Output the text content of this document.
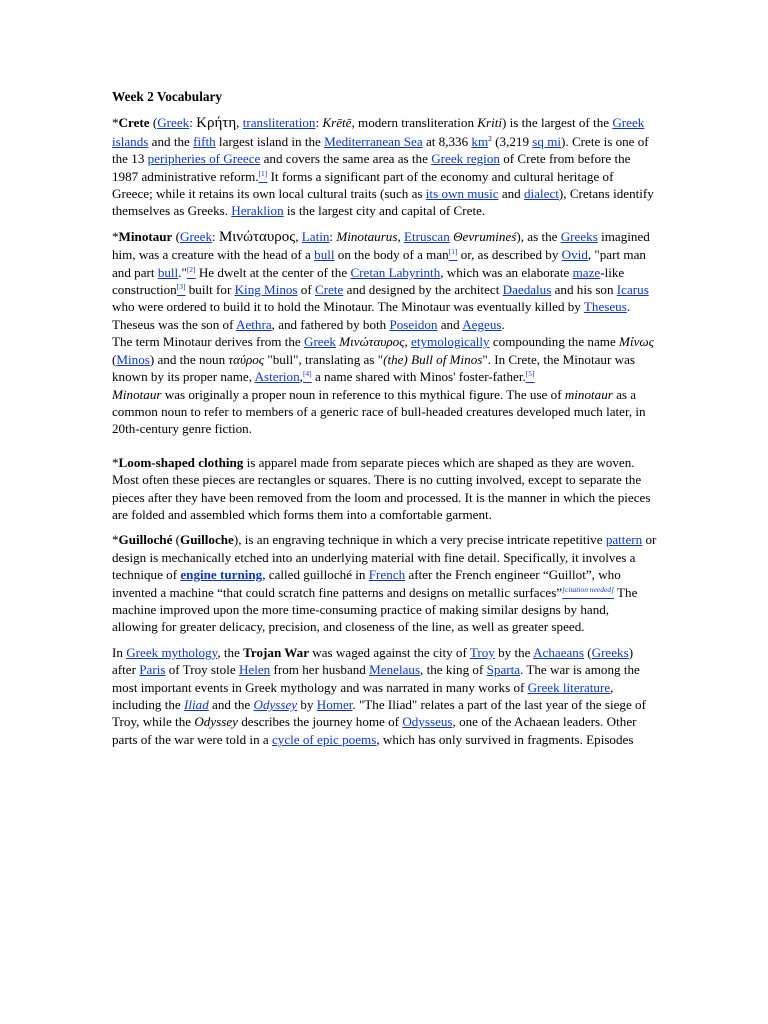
Week 2 Vocabulary

*Crete (Greek: Κρήτη, transliteration: Krētē, modern transliteration Kriti) is the largest of the Greek islands and the fifth largest island in the Mediterranean Sea at 8,336 $km^2$ (3,219 sq mi). Crete is one of the 13 peripheries of Greece and covers the same area as the Greek region of Crete from before the 1987 administrative reform.[1] It forms a significant part of the economy and cultural heritage of Greece; while it retains its own local cultural traits (such as its own music and dialect), Cretans identify themselves as Greeks. Heraklion is the largest city and capital of Crete.

*Minotaur (Greek: Μινώταυρος, Latin: Minotaurus, Etruscan Θevrumineś), as the Greeks imagined him, was a creature with the head of a bull on the body of a man[1] or, as described by Ovid, "part man and part bull."[2] He dwelt at the center of the Cretan Labyrinth, which was an elaborate maze-like construction[3] built for King Minos of Crete and designed by the architect Daedalus and his son Icarus who were ordered to build it to hold the Minotaur. The Minotaur was eventually killed by Theseus. Theseus was the son of Aethra, and fathered by both Poseidon and Aegeus.

The term Minotaur derives from the Greek Μινώταυρος, etymologically compounding the name Μίνως (Minos) and the noun ταύρος "bull", translating as "(the) Bull of Minos". In Crete, the Minotaur was known by its proper name, Asterion,[4] a name shared with Minos' foster-father.[5]

Minotaur was originally a proper noun in reference to this mythical figure. The use of minotaur as a common noun to refer to members of a generic race of bull-headed creatures developed much later, in 20th-century genre fiction.

*Loom-shaped clothing is apparel made from separate pieces which are shaped as they are woven. Most often these pieces are rectangles or squares. There is no cutting involved, except to separate the pieces after they have been removed from the loom and processed. It is the manner in which the pieces are folded and assembled which forms them into a comfortable garment.

*Guilloché (Guilloche), is an engraving technique in which a very precise intricate repetitive pattern or design is mechanically etched into an underlying material with fine detail. Specifically, it involves a technique of engine turning, called guilloché in French after the French engineer “Guillot”, who invented a machine “that could scratch fine patterns and designs on metallic surfaces”[citation needed] The machine improved upon the more time-consuming practice of making similar designs by hand, allowing for greater delicacy, precision, and closeness of the line, as well as greater speed.

In Greek mythology, the Trojan War was waged against the city of Troy by the Achaeans (Greeks) after Paris of Troy stole Helen from her husband Menelaus, the king of Sparta. The war is among the most important events in Greek mythology and was narrated in many works of Greek literature, including the Iliad and the Odyssey by Homer. "The Iliad" relates a part of the last year of the siege of Troy, while the Odyssey describes the journey home of Odysseus, one of the Achaean leaders. Other parts of the war were told in a cycle of epic poems, which has only survived in fragments. Episodes
